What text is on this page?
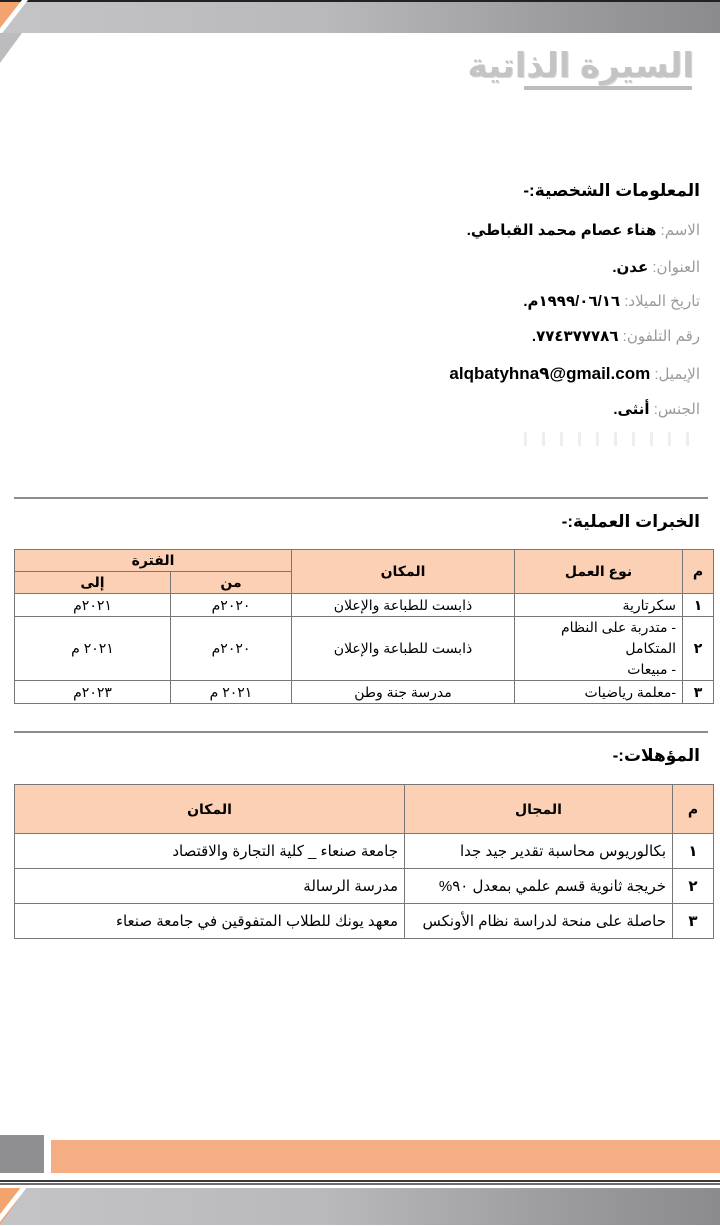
السيرة الذاتية
المعلومات الشخصية:-
الاسم: هناء عصام محمد القباطي.
العنوان: عدن.
تاريخ الميلاد: ١٩٩٩/٠٦/١٦م.
رقم التلفون: ٧٧٤٣٧٧٧٨٦.
الإيميل: alqbatyhna٩@gmail.com
الجنس: أنثى.
الخبرات العملية:-
م	نوع العمل	المكان	الفترة	
			من	إلى
١	سكرتارية	ذابست للطباعة والإعلان	٢٠٢٠م	٢٠٢١م
٢	- متدربة على النظام
المتكامل
- مبيعات	ذابست للطباعة والإعلان	٢٠٢٠م	٢٠٢١ م
٣	-معلمة رياضيات	مدرسة جنة وطن	٢٠٢١ م	٢٠٢٣م
المؤهلات:-
م	المجال	المكان
١	بكالوريوس محاسبة تقدير جيد جدا	جامعة صنعاء _ كلية التجارة والاقتصاد
٢	خريجة ثانوية قسم علمي بمعدل ٩٠%	مدرسة الرسالة
٣	حاصلة على منحة لدراسة نظام الأونكس	معهد يونك للطلاب المتفوقين في جامعة صنعاء
